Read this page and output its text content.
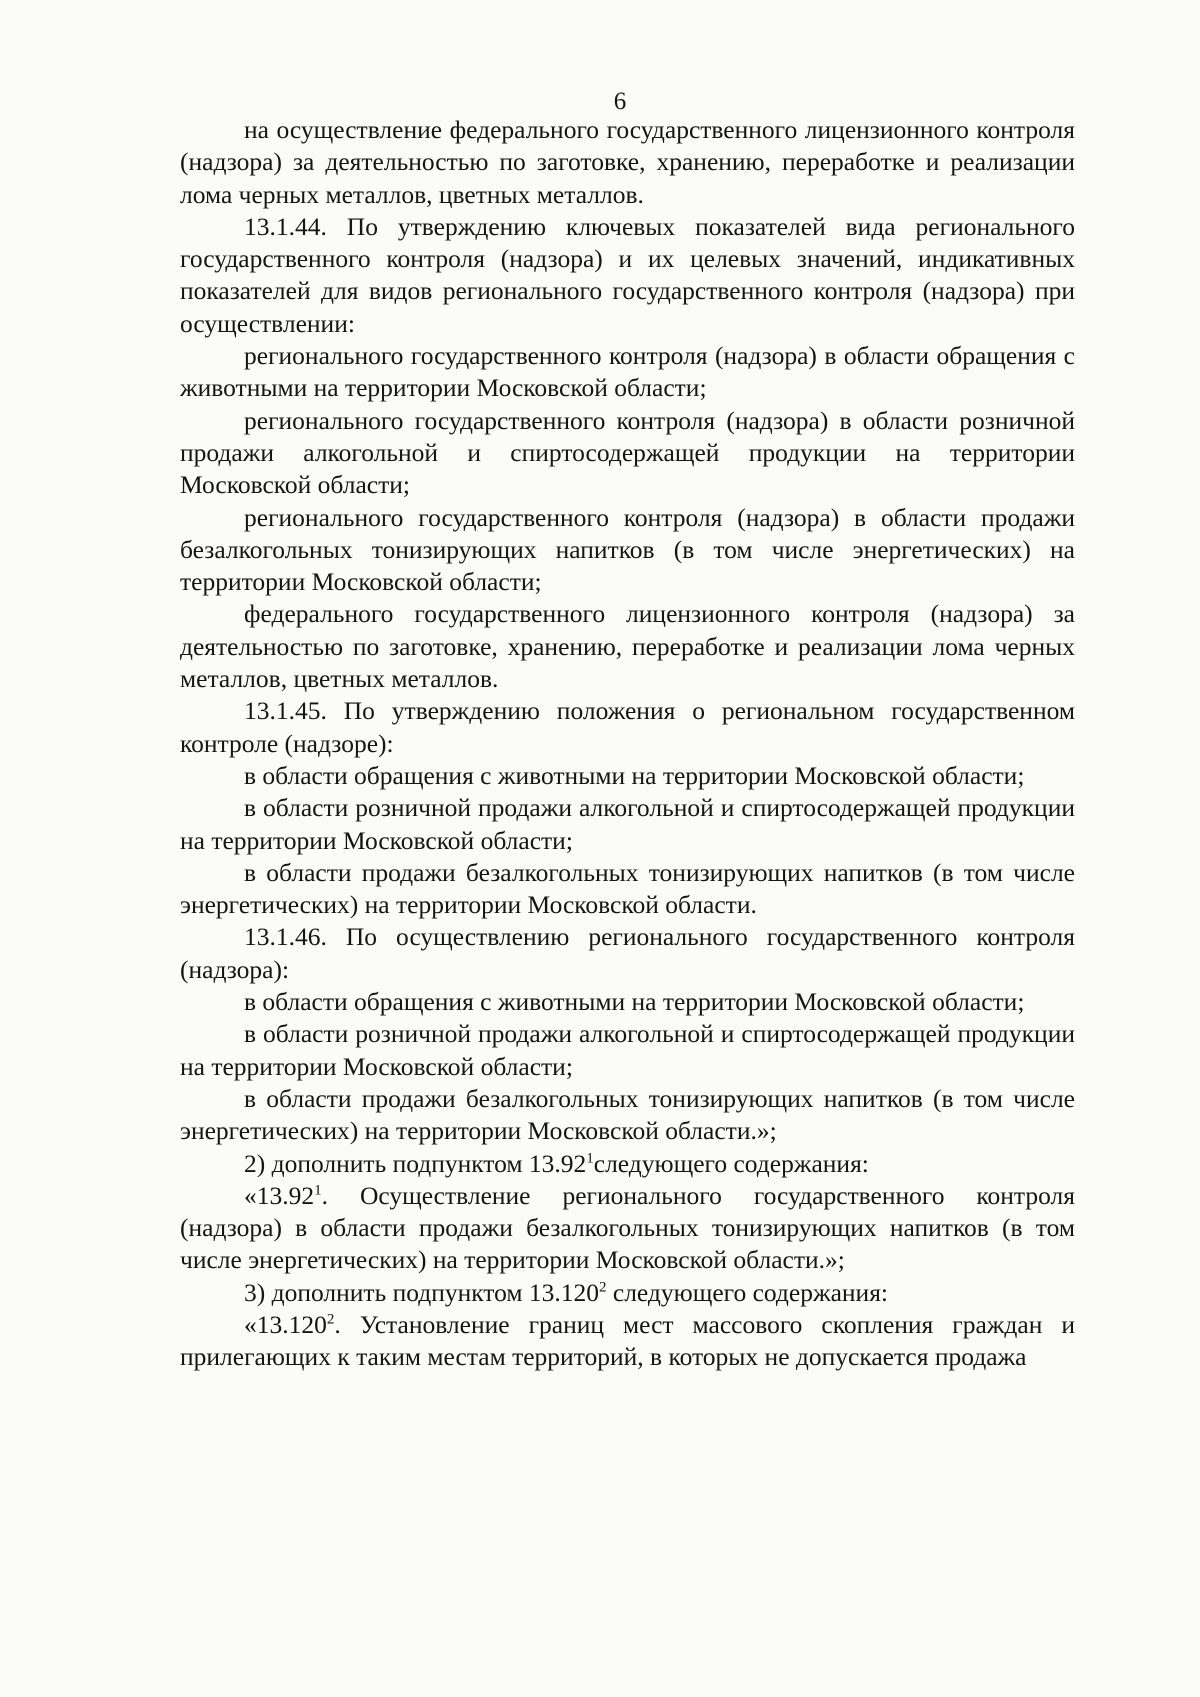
6

на осуществление федерального государственного лицензионного контроля (надзора) за деятельностью по заготовке, хранению, переработке и реализации лома черных металлов, цветных металлов.

13.1.44. По утверждению ключевых показателей вида регионального государственного контроля (надзора) и их целевых значений, индикативных показателей для видов регионального государственного контроля (надзора) при осуществлении:

регионального государственного контроля (надзора) в области обращения с животными на территории Московской области;

регионального государственного контроля (надзора) в области розничной продажи алкогольной и спиртосодержащей продукции на территории Московской области;

регионального государственного контроля (надзора) в области продажи безалкогольных тонизирующих напитков (в том числе энергетических) на территории Московской области;

федерального государственного лицензионного контроля (надзора) за деятельностью по заготовке, хранению, переработке и реализации лома черных металлов, цветных металлов.

13.1.45. По утверждению положения о региональном государственном контроле (надзоре):

в области обращения с животными на территории Московской области;

в области розничной продажи алкогольной и спиртосодержащей продукции на территории Московской области;

в области продажи безалкогольных тонизирующих напитков (в том числе энергетических) на территории Московской области.

13.1.46. По осуществлению регионального государственного контроля (надзора):

в области обращения с животными на территории Московской области;

в области розничной продажи алкогольной и спиртосодержащей продукции на территории Московской области;

в области продажи безалкогольных тонизирующих напитков (в том числе энергетических) на территории Московской области.»;

2) дополнить подпунктом 13.92$^1$следующего содержания:

«13.92$^1$. Осуществление регионального государственного контроля (надзора) в области продажи безалкогольных тонизирующих напитков (в том числе энергетических) на территории Московской области.»;

3) дополнить подпунктом 13.120$^2$ следующего содержания:

«13.120$^2$. Установление границ мест массового скопления граждан и прилегающих к таким местам территорий, в которых не допускается продажа
